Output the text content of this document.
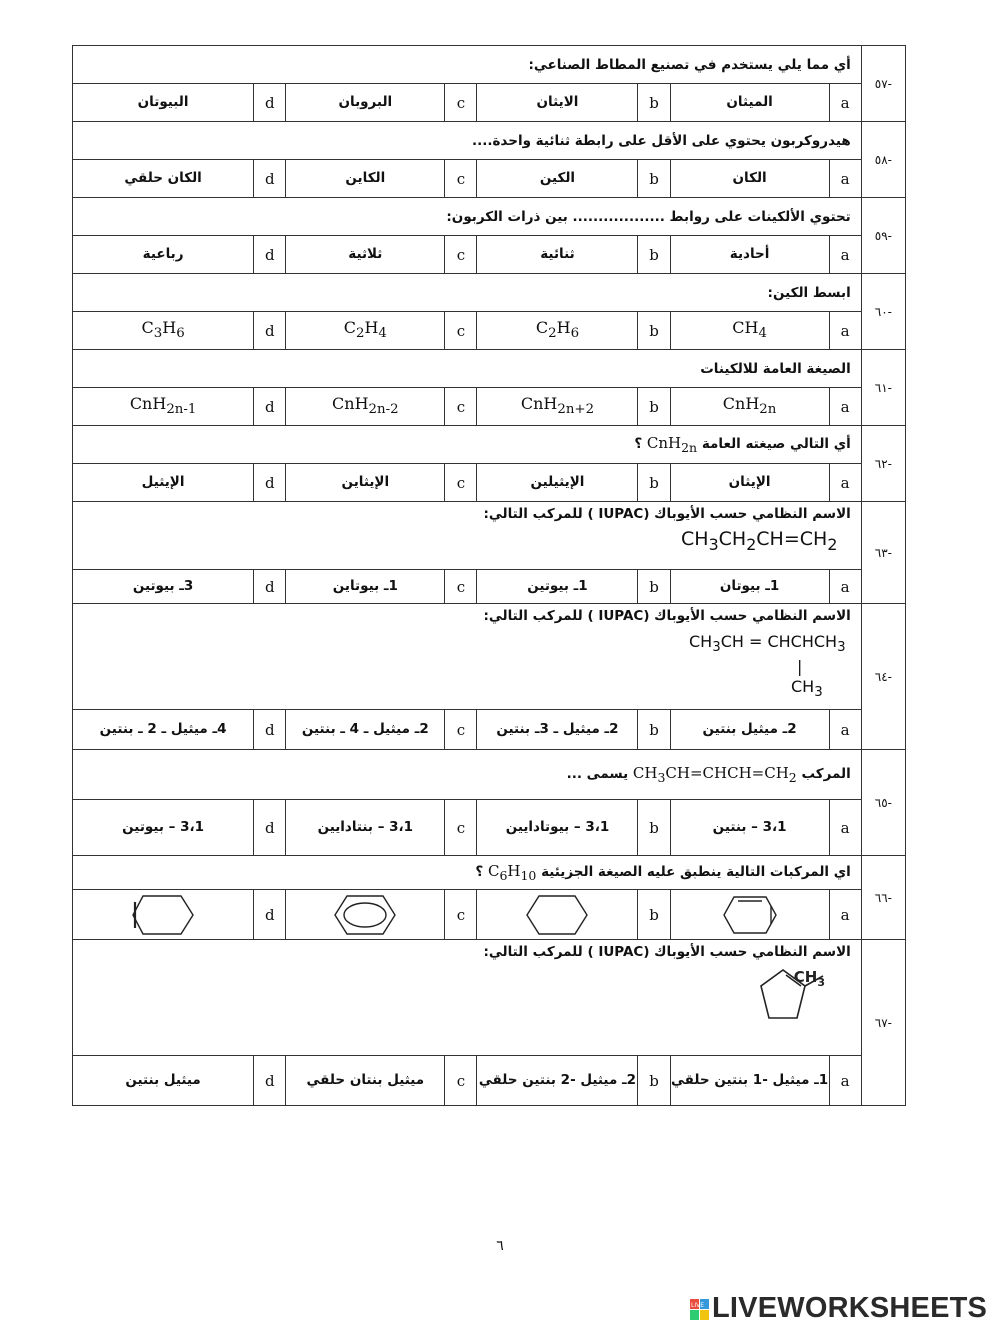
-٥٧	أي مما يلي يستخدم في تصنيع المطاط الصناعي:							
	a	الميثان	b	الايثان	c	البروبان	d	البيوتان
-٥٨	هيدروكربون يحتوي على الأقل على رابطة ثنائية واحدة....							
	a	الكان	b	الكين	c	الكاين	d	الكان حلقي
-٥٩	تحتوي الألكينات على روابط .................. بين ذرات الكربون:							
	a	أحادية	b	ثنائية	c	ثلاثية	d	رباعية
-٦٠	ابسط الكين:							
	a	$CH_4$	b	$C_2H_6$	c	$C_2H_4$	d	$C_3H_6$
-٦١	الصيغة العامة للالكينات							
	a	CnH$_{2n}$	b	CnH$_{2n+2}$	c	CnH$_{2n-2}$	d	CnH$_{2n-1}$
-٦٢	أي التالي صيغته العامة CnH$_{2n}$ ؟							
	a	الإيثان	b	الإيثيلين	c	الإيثاين	d	الإيثيل
-٦٣	الاسم النظامي حسب الأيوباك (IUPAC ) للمركب التالي:
$CH_3CH_2CH=CH_2$

	a	1ـ بيوتان	b	1ـ بيوتين	c	1ـ بيوتاين	d	3ـ بيوتين
-٦٤	الاسم النظامي حسب الأيوباك (IUPAC ) للمركب التالي:
$CH_3CH$ = $CHCHCH_3$
|
$CH_3$

	a	2ـ ميثيل بنتين	b	2ـ ميثيل ـ 3ـ بنتين	c	2ـ ميثيل ـ 4 ـ بنتين	d	4ـ ميثيل ـ 2 ـ بنتين
-٦٥	المركب $CH_3CH=CHCH=CH_2$ يسمى ...							
	a	3،1 – بنتين	b	3،1 – بيوتادايين	c	3،1 – بنتادايين	d	3،1 – بيوتين
-٦٦	اي المركبات التالية ينطبق عليه الصيغة الجزيئية $C_6H_{10}$ ؟							
	a		b		c		d	

-٦٧	الاسم النظامي حسب الأيوباك (IUPAC ) للمركب التالي:
$CH_3$

	a	1ـ ميثيل -1 بنتين حلقي	b	2ـ ميثيل -2 بنتين حلقي	c	ميثيل بنتان حلقي	d	ميثيل بنتين
٦
LIVE LIVEWORKSHEETS
